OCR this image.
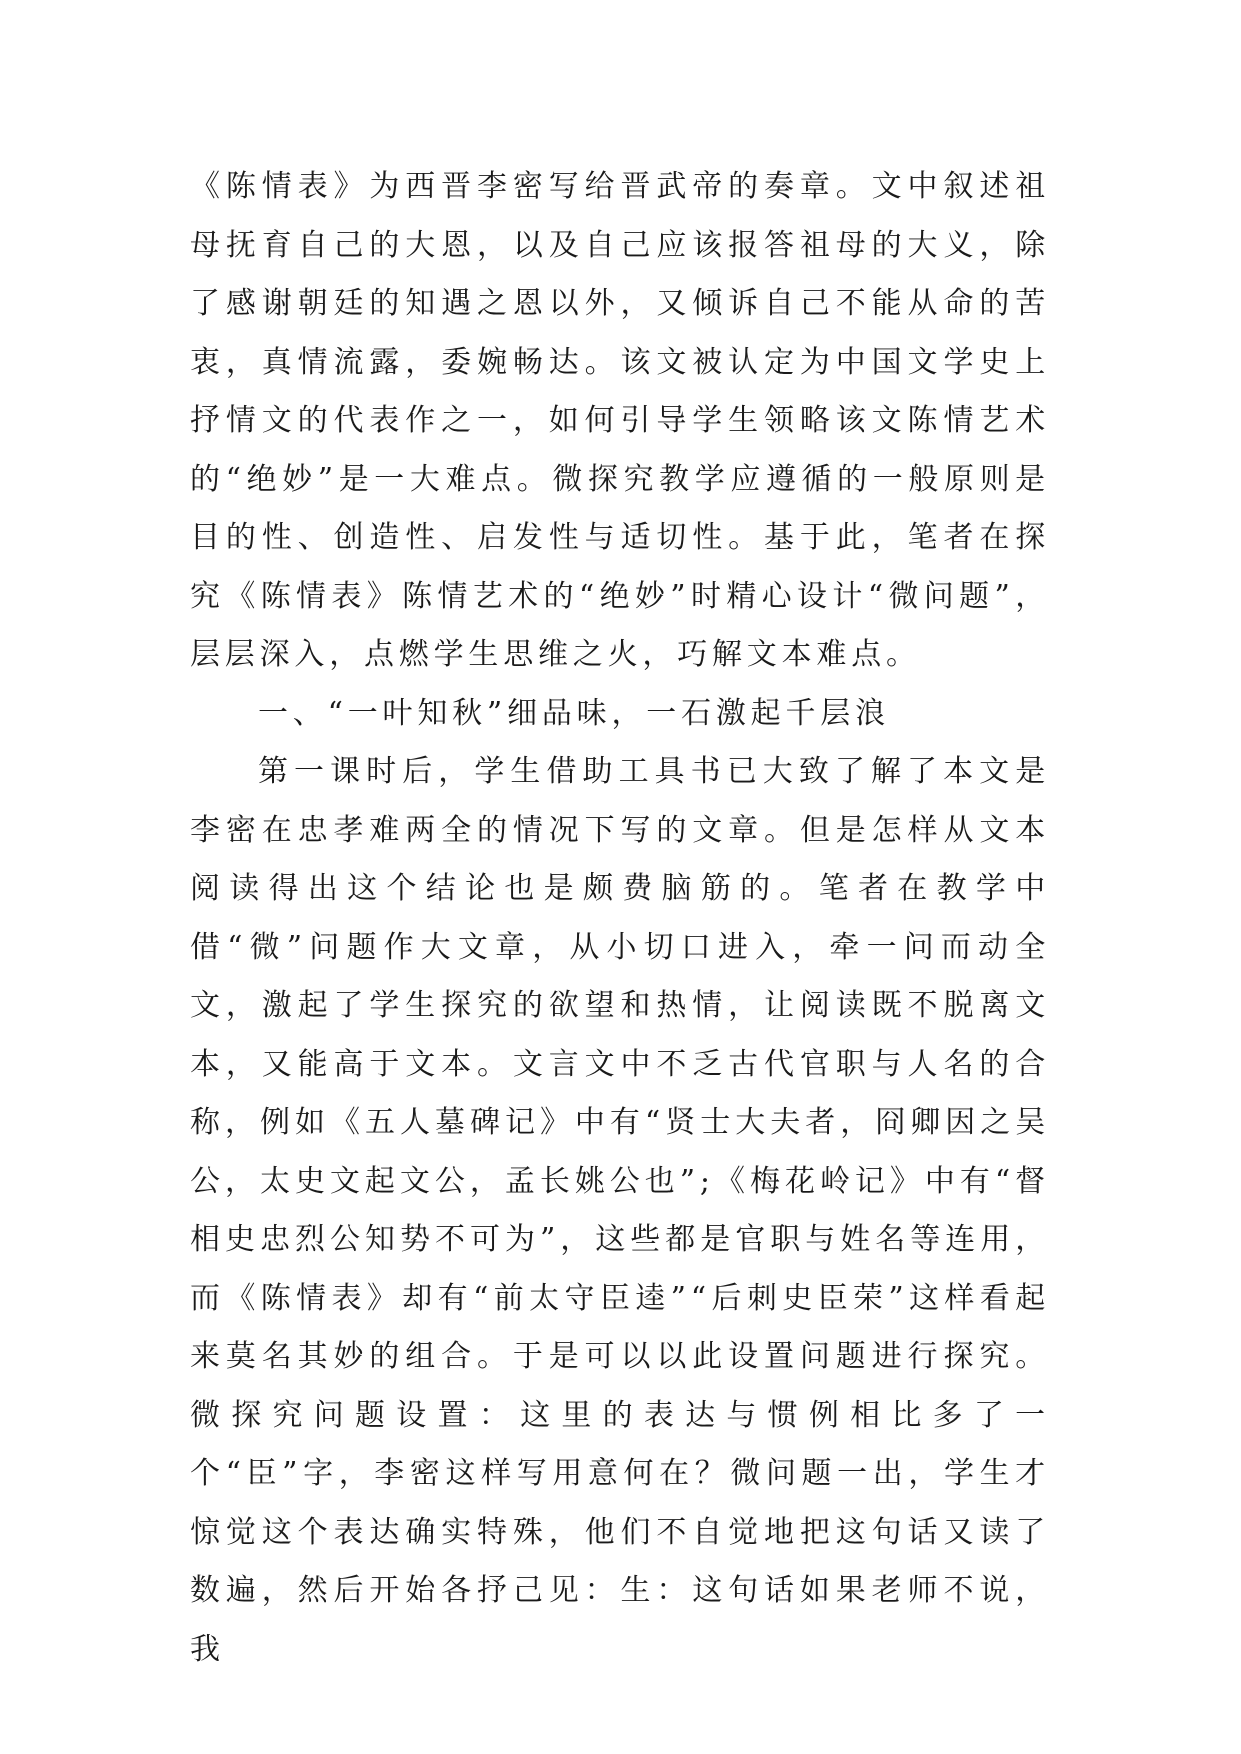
《陈情表》为西晋李密写给晋武帝的奏章。文中叙述祖母抚育自己的大恩，以及自己应该报答祖母的大义，除了感谢朝廷的知遇之恩以外，又倾诉自己不能从命的苦衷，真情流露，委婉畅达。该文被认定为中国文学史上抒情文的代表作之一，如何引导学生领略该文陈情艺术的“绝妙”是一大难点。微探究教学应遵循的一般原则是目的性、创造性、启发性与适切性。基于此，笔者在探究《陈情表》陈情艺术的“绝妙”时精心设计“微问题”，层层深入，点燃学生思维之火，巧解文本难点。

一、“一叶知秋”细品味，一石激起千层浪

第一课时后，学生借助工具书已大致了解了本文是李密在忠孝难两全的情况下写的文章。但是怎样从文本阅读得出这个结论也是颇费脑筋的。笔者在教学中借“微”问题作大文章，从小切口进入，牵一问而动全文，激起了学生探究的欲望和热情，让阅读既不脱离文本，又能高于文本。文言文中不乏古代官职与人名的合称，例如《五人墓碑记》中有“贤士大夫者，冏卿因之吴公，太史文起文公，孟长姚公也”;《梅花岭记》中有“督相史忠烈公知势不可为”，这些都是官职与姓名等连用，而《陈情表》却有“前太守臣逵”“后刺史臣荣”这样看起来莫名其妙的组合。于是可以以此设置问题进行探究。微探究问题设置：这里的表达与惯例相比多了一个“臣”字，李密这样写用意何在？微问题一出，学生才惊觉这个表达确实特殊，他们不自觉地把这句话又读了数遍，然后开始各抒己见：生：这句话如果老师不说，我
